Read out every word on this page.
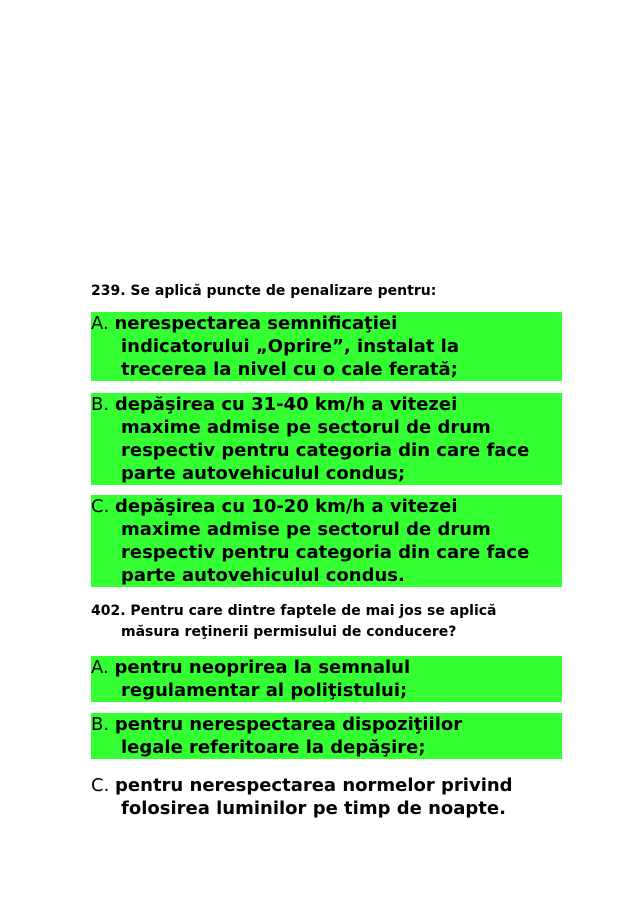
239. Se aplică puncte de penalizare pentru:
A. nerespectarea semnificaţiei
indicatorului „Oprire”, instalat la
trecerea la nivel cu o cale ferată;
B. depăşirea cu 31-40 km/h a vitezei
maxime admise pe sectorul de drum
respectiv pentru categoria din care face
parte autovehiculul condus;
C. depăşirea cu 10-20 km/h a vitezei
maxime admise pe sectorul de drum
respectiv pentru categoria din care face
parte autovehiculul condus.
402. Pentru care dintre faptele de mai jos se aplică
măsura reţinerii permisului de conducere?
A. pentru neoprirea la semnalul
regulamentar al poliţistului;
B. pentru nerespectarea dispoziţiilor
legale referitoare la depăşire;
C. pentru nerespectarea normelor privind
folosirea luminilor pe timp de noapte.
